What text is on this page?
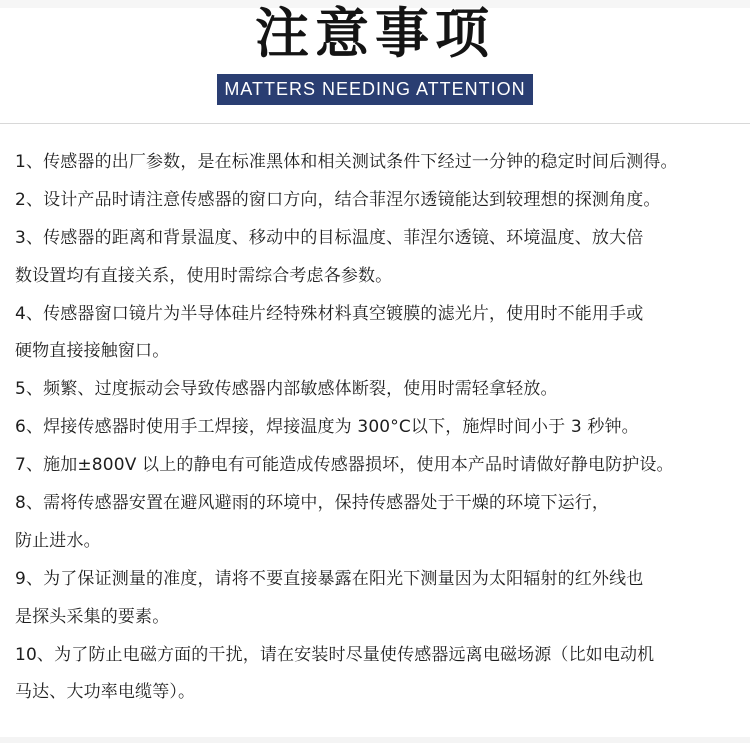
注意事项
MATTERS NEEDING ATTENTION
1、传感器的出厂参数，是在标准黑体和相关测试条件下经过一分钟的稳定时间后测得。
2、设计产品时请注意传感器的窗口方向，结合菲涅尔透镜能达到较理想的探测角度。
3、传感器的距离和背景温度、移动中的目标温度、菲涅尔透镜、环境温度、放大倍
数设置均有直接关系，使用时需综合考虑各参数。
4、传感器窗口镜片为半导体硅片经特殊材料真空镀膜的滤光片，使用时不能用手或
硬物直接接触窗口。
5、频繁、过度振动会导致传感器内部敏感体断裂，使用时需轻拿轻放。
6、焊接传感器时使用手工焊接，焊接温度为 300°C以下，施焊时间小于 3 秒钟。
7、施加±800V 以上的静电有可能造成传感器损坏，使用本产品时请做好静电防护设。
8、需将传感器安置在避风避雨的环境中，保持传感器处于干燥的环境下运行，
防止进水。
9、为了保证测量的准度，请将不要直接暴露在阳光下测量因为太阳辐射的红外线也
是探头采集的要素。
10、为了防止电磁方面的干扰，请在安装时尽量使传感器远离电磁场源（比如电动机
马达、大功率电缆等）。
